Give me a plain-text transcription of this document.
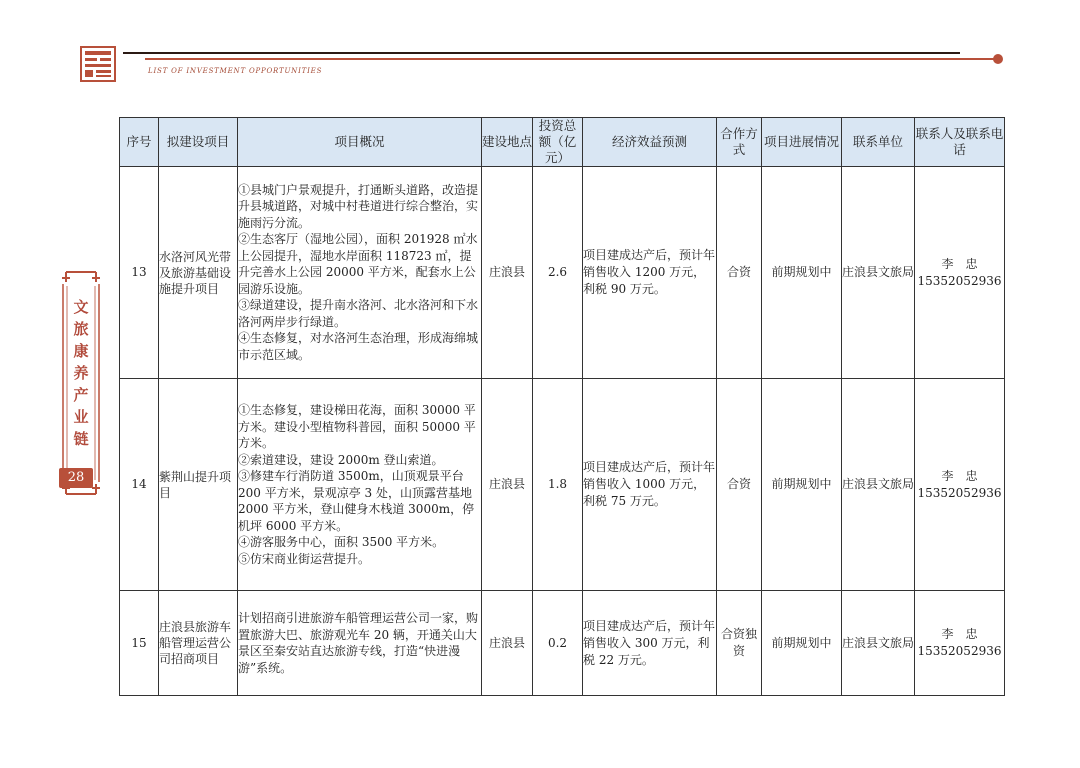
LIST OF INVESTMENT OPPORTUNITIES
文
旅
康
养
产
业
链
28
序号	拟建设项目	项目概况	建设地点	投资总额（亿元）	经济效益预测	合作方式	项目进展情况	联系单位	联系人及联系电话
13	水洛河风光带及旅游基础设施提升项目	①县城门户景观提升，打通断头道路，改造提升县城道路，对城中村巷道进行综合整治，实施雨污分流。
②生态客厅（湿地公园），面积 201928 ㎡水上公园提升，湿地水岸面积 118723 ㎡，提升完善水上公园 20000 平方米，配套水上公园游乐设施。
③绿道建设，提升南水洛河、北水洛河和下水洛河两岸步行绿道。
④生态修复，对水洛河生态治理，形成海绵城市示范区域。	庄浪县	2.6	项目建成达产后，预计年销售收入 1200 万元，利税 90 万元。	合资	前期规划中	庄浪县文旅局	李　忠
15352052936

14	紫荆山提升项目	①生态修复，建设梯田花海，面积 30000 平方米。建设小型植物科普园，面积 50000 平方米。
②索道建设，建设 2000m 登山索道。
③修建车行消防道 3500m，山顶观景平台 200 平方米，景观凉亭 3 处，山顶露营基地 2000 平方米，登山健身木栈道 3000m，停机坪 6000 平方米。
④游客服务中心，面积 3500 平方米。
⑤仿宋商业街运营提升。	庄浪县	1.8	项目建成达产后，预计年销售收入 1000 万元，利税 75 万元。	合资	前期规划中	庄浪县文旅局	李　忠
15352052936

15	庄浪县旅游车船管理运营公司招商项目	计划招商引进旅游车船管理运营公司一家，购置旅游大巴、旅游观光车 20 辆，开通关山大景区至秦安站直达旅游专线，打造“快进漫游”系统。	庄浪县	0.2	项目建成达产后，预计年销售收入 300 万元，利税 22 万元。	合资独资	前期规划中	庄浪县文旅局	李　忠
15352052936
